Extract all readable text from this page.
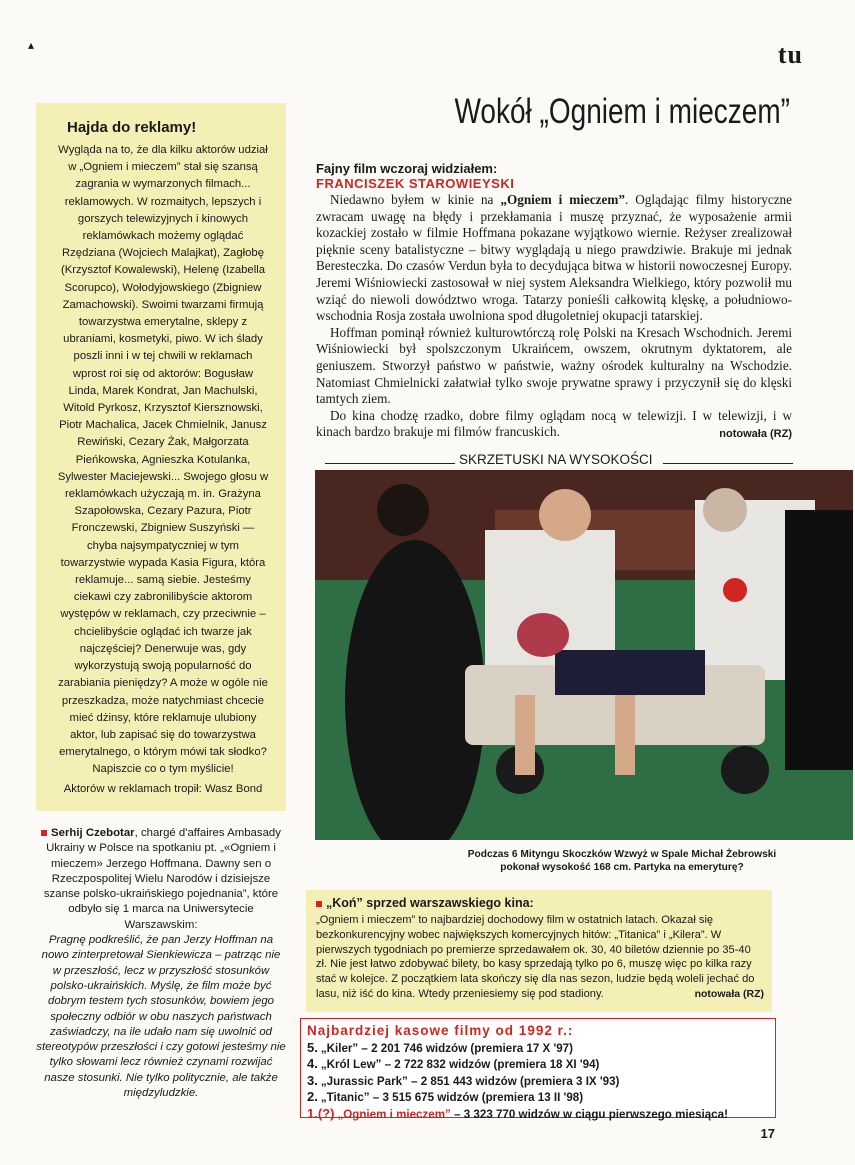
▴	tu
Hajda do reklamy!
Wygląda na to, że dla kilku aktorów udział w „Ogniem i mieczem” stał się szansą zagrania w wymarzonych filmach... reklamowych. W rozmaitych, lepszych i gorszych telewizyjnych i kinowych reklamówkach możemy oglądać Rzędziana (Wojciech Malajkat), Zagłobę (Krzysztof Kowalewski), Helenę (Izabella Scorupco), Wołodyjowskiego (Zbigniew Zamachowski). Swoimi twarzami firmują towarzystwa emerytalne, sklepy z ubraniami, kosmetyki, piwo. W ich ślady poszli inni i w tej chwili w reklamach wprost roi się od aktorów: Bogusław Linda, Marek Kondrat, Jan Machulski, Witold Pyrkosz, Krzysztof Kiersznowski, Piotr Machalica, Jacek Chmielnik, Janusz Rewiński, Cezary Żak, Małgorzata Pieńkowska, Agnieszka Kotulanka, Sylwester Maciejewski... Swojego głosu w reklamówkach użyczają m. in. Grażyna Szapołowska, Cezary Pazura, Piotr Fronczewski, Zbigniew Suszyński — chyba najsympatyczniej w tym towarzystwie wypada Kasia Figura, która reklamuje... samą siebie. Jesteśmy ciekawi czy zabronilibyście aktorom występów w reklamach, czy przeciwnie – chcielibyście oglądać ich twarze jak najczęściej? Denerwuje was, gdy wykorzystują swoją popularność do zarabiania pieniędzy? A może w ogóle nie przeszkadza, może natychmiast chcecie mieć dżinsy, które reklamuje ulubiony aktor, lub zapisać się do towarzystwa emerytalnego, o którym mówi tak słodko? Napiszcie co o tym myślicie!
Aktorów w reklamach tropił: Wasz Bond
Wokół „Ogniem i mieczem”
Fajny film wczoraj widziałem:
FRANCISZEK STAROWIEYSKI

Niedawno byłem w kinie na „Ogniem i mieczem”. Oglądając filmy historyczne zwracam uwagę na błędy i przekłamania i muszę przyznać, że wyposażenie armii kozackiej zostało w filmie Hoffmana pokazane wyjątkowo wiernie. Reżyser zrealizował pięknie sceny batalistyczne – bitwy wyglądają u niego prawdziwie. Brakuje mi jednak Beresteczka. Do czasów Verdun była to decydująca bitwa w historii nowoczesnej Europy. Jeremi Wiśniowiecki zastosował w niej system Aleksandra Wielkiego, który pozwolił mu wziąć do niewoli dowództwo wroga. Tatarzy ponieśli całkowitą klęskę, a południowo-wschodnia Rosja została uwolniona spod długoletniej okupacji tatarskiej.

Hoffman pominął również kulturowtórczą rolę Polski na Kresach Wschodnich. Jeremi Wiśniowiecki był spolszczonym Ukraińcem, owszem, okrutnym dyktatorem, ale geniuszem. Stworzył państwo w państwie, ważny ośrodek kulturalny na Wschodzie. Natomiast Chmielnicki załatwiał tylko swoje prywatne sprawy i przyczynił się do klęski tamtych ziem.

Do kina chodzę rzadko, dobre filmy oglądam nocą w telewizji. I w telewizji, i w kinach bardzo brakuje mi filmów francuskich.	notowała (RZ)

SKRZETUSKI NA WYSOKOŚCI
Podczas 6 Mityngu Skoczków Wzwyż w Spale Michał Żebrowski pokonał wysokość 168 cm. Partyka na emeryturę?
„Koń” sprzed warszawskiego kina:
„Ogniem i mieczem” to najbardziej dochodowy film w ostatnich latach. Okazał się bezkonkurencyjny wobec największych komercyjnych hitów: „Titanica” i „Kilera”. W pierwszych tygodniach po premierze sprzedawałem ok. 30, 40 biletów dziennie po 35-40 zł. Nie jest łatwo zdobywać bilety, bo kasy sprzedają tylko po 6, muszę więc po kilka razy stać w kolejce. Z początkiem lata skończy się dla nas sezon, ludzie będą woleli jechać do lasu, niż iść do kina. Wtedy przeniesiemy się pod stadiony.	notowała (RZ)

Serhij Czebotar, chargé d'affaires Ambasady Ukrainy w Polsce na spotkaniu pt. „«Ogniem i mieczem» Jerzego Hoffmana. Dawny sen o Rzeczpospolitej Wielu Narodów i dzisiejsze szanse polsko-ukraińskiego pojednania”, które odbyło się 1 marca na Uniwersytecie Warszawskim:

Pragnę podkreślić, że pan Jerzy Hoffman na nowo zinterpretował Sienkiewicza – patrząc nie w przeszłość, lecz w przyszłość stosunków polsko-ukraińskich. Myślę, że film może być dobrym testem tych stosunków, bowiem jego społeczny odbiór w obu naszych państwach zaświadczy, na ile udało nam się uwolnić od stereotypów przeszłości i czy gotowi jesteśmy nie tylko słowami lecz również czynami rozwijać nasze stosunki. Nie tylko politycznie, ale także międzyludzkie.

Najbardziej kasowe filmy od 1992 r.:
5. „Kiler” – 2 201 746 widzów (premiera 17 X '97)
4. „Król Lew” – 2 722 832 widzów (premiera 18 XI '94)
3. „Jurassic Park” – 2 851 443 widzów (premiera 3 IX '93)
2. „Titanic” – 3 515 675 widzów (premiera 13 II '98)
1.(?) „Ogniem i mieczem” – 3 323 770 widzów w ciągu pierwszego miesiąca!
17
